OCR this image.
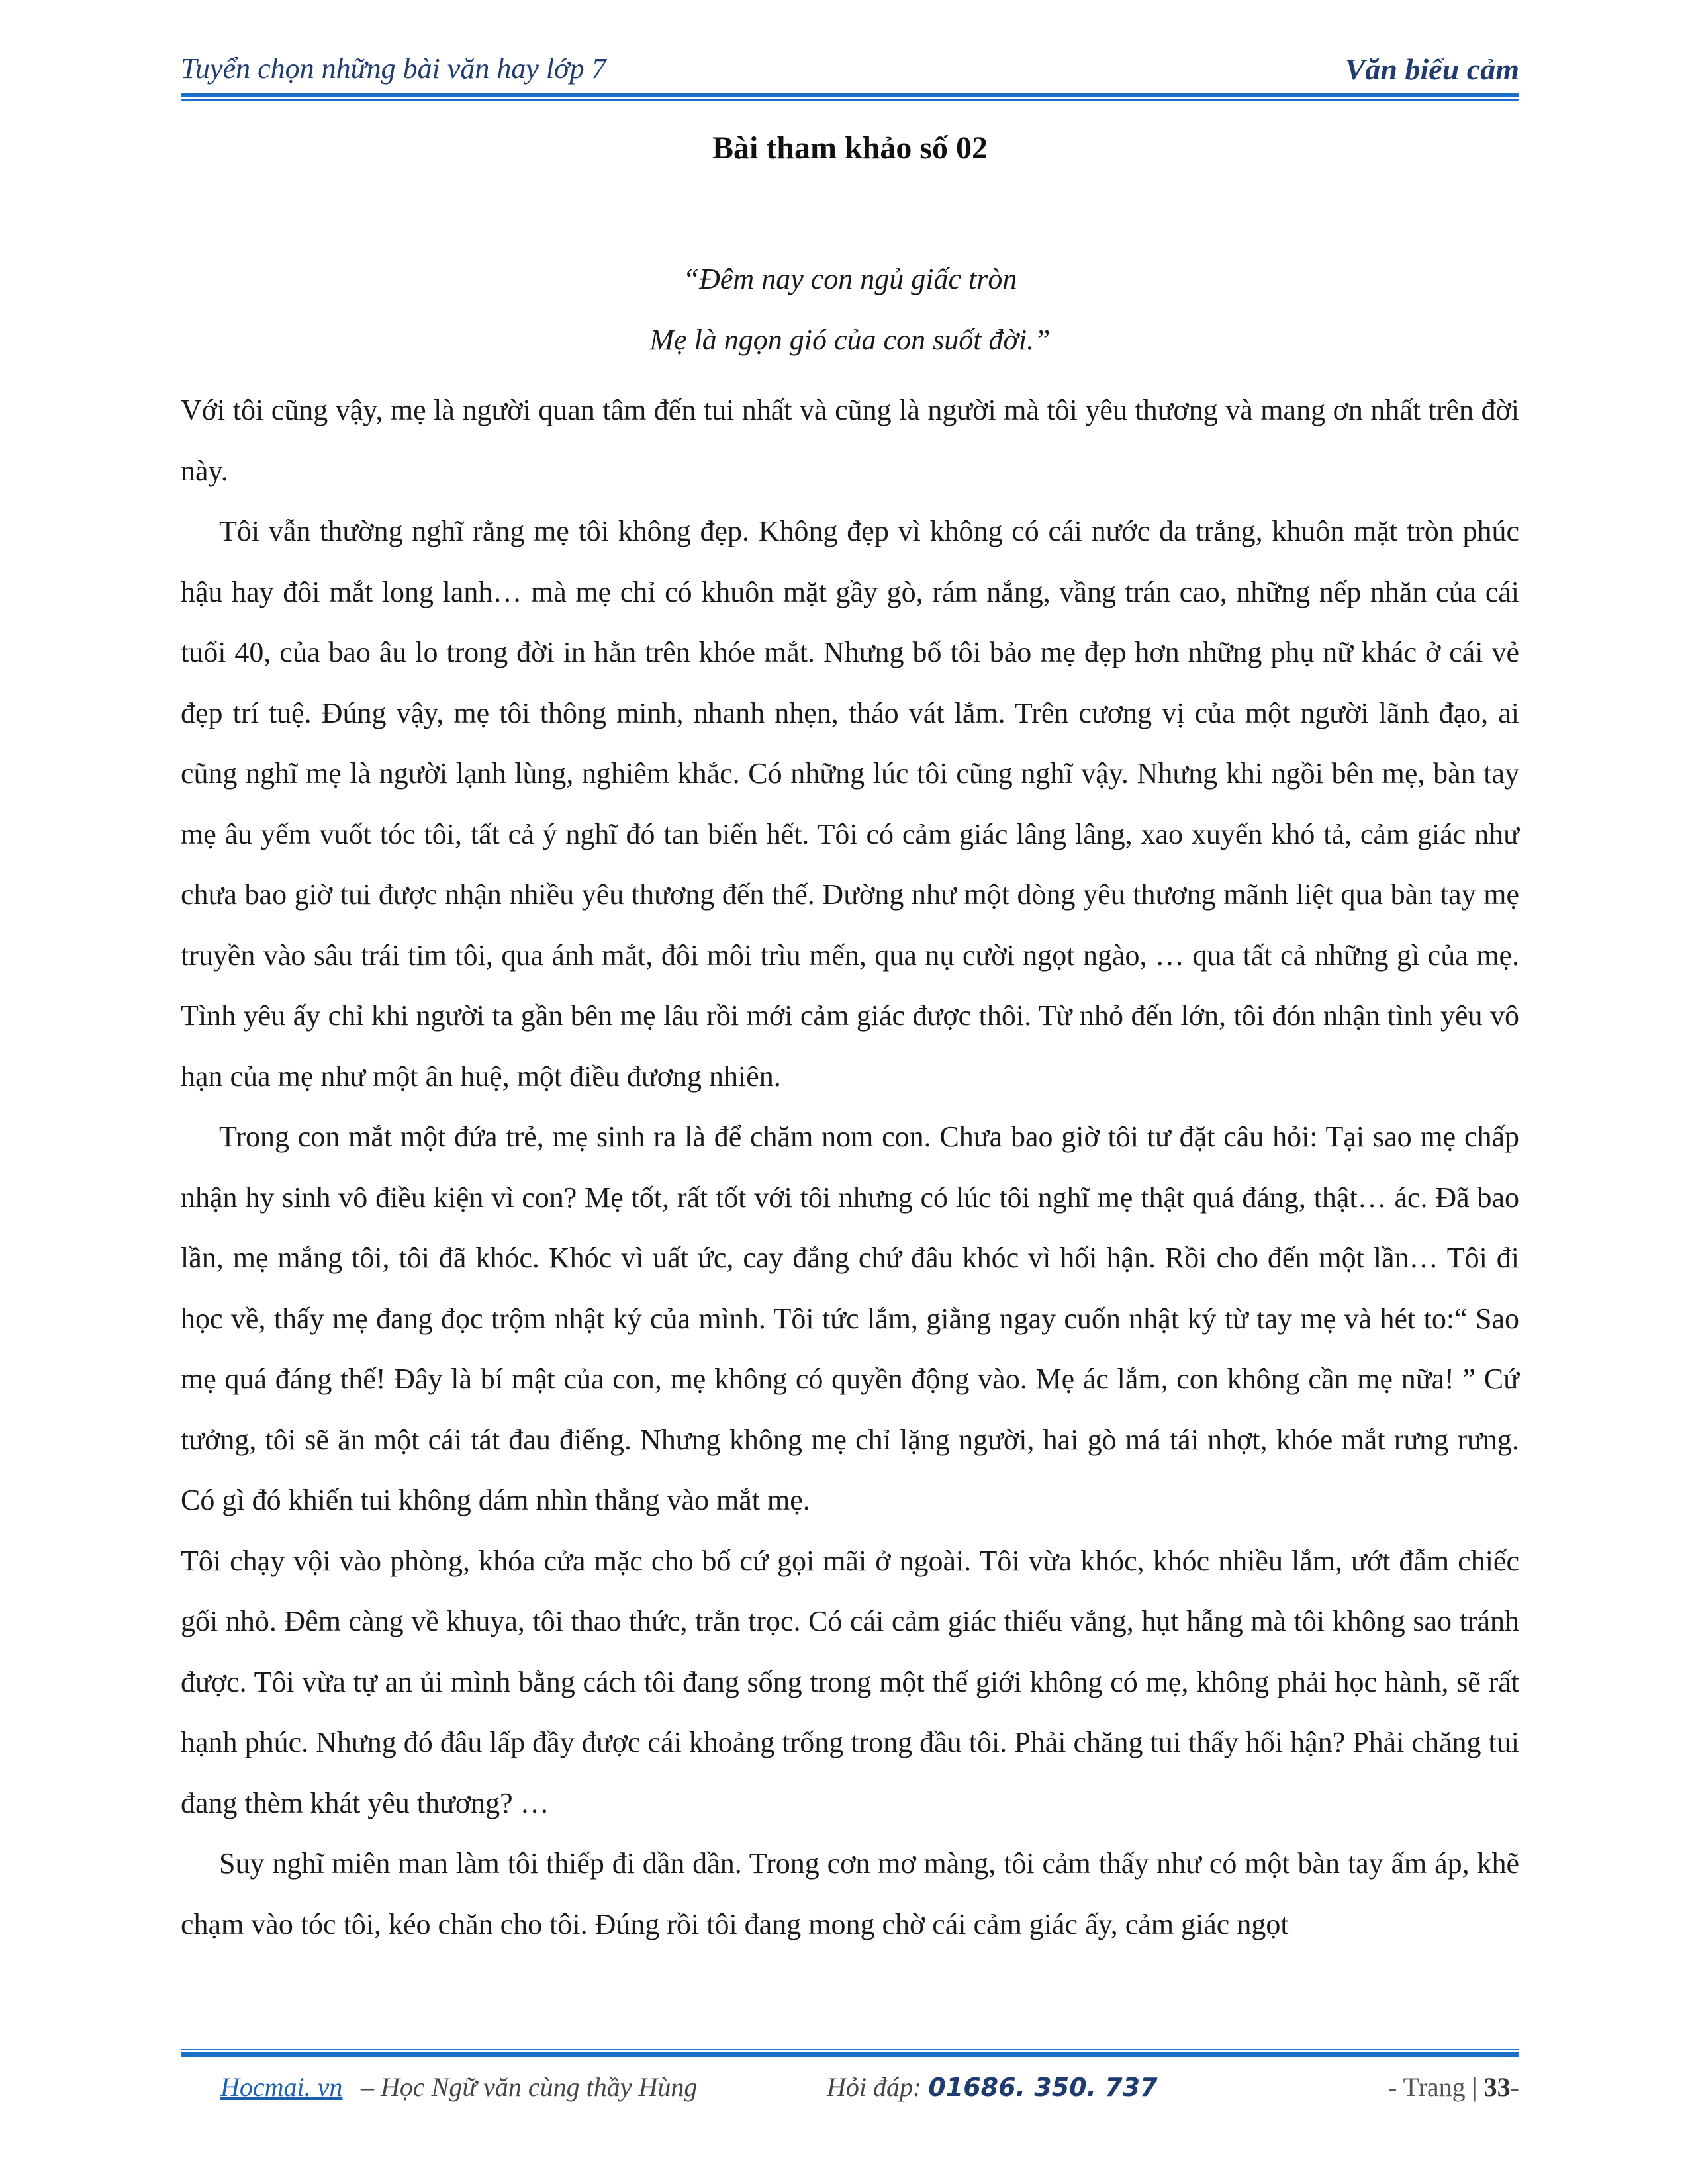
Tuyển chọn những bài văn hay lớp 7	Văn biểu cảm
Bài tham khảo số 02
“Đêm nay con ngủ giấc tròn
Mẹ là ngọn gió của con suốt đời.”

Với tôi cũng vậy, mẹ là người quan tâm đến tui nhất và cũng là người mà tôi yêu thương và mang ơn nhất trên đời này.

Tôi vẫn thường nghĩ rằng mẹ tôi không đẹp. Không đẹp vì không có cái nước da trắng, khuôn mặt tròn phúc hậu hay đôi mắt long lanh… mà mẹ chỉ có khuôn mặt gầy gò, rám nắng, vầng trán cao, những nếp nhăn của cái tuổi 40, của bao âu lo trong đời in hằn trên khóe mắt. Nhưng bố tôi bảo mẹ đẹp hơn những phụ nữ khác ở cái vẻ đẹp trí tuệ. Đúng vậy, mẹ tôi thông minh, nhanh nhẹn, tháo vát lắm. Trên cương vị của một người lãnh đạo, ai cũng nghĩ mẹ là người lạnh lùng, nghiêm khắc. Có những lúc tôi cũng nghĩ vậy. Nhưng khi ngồi bên mẹ, bàn tay mẹ âu yếm vuốt tóc tôi, tất cả ý nghĩ đó tan biến hết. Tôi có cảm giác lâng lâng, xao xuyến khó tả, cảm giác như chưa bao giờ tui được nhận nhiều yêu thương đến thế. Dường như một dòng yêu thương mãnh liệt qua bàn tay mẹ truyền vào sâu trái tim tôi, qua ánh mắt, đôi môi trìu mến, qua nụ cười ngọt ngào, … qua tất cả những gì của mẹ. Tình yêu ấy chỉ khi người ta gần bên mẹ lâu rồi mới cảm giác được thôi. Từ nhỏ đến lớn, tôi đón nhận tình yêu vô hạn của mẹ như một ân huệ, một điều đương nhiên.

Trong con mắt một đứa trẻ, mẹ sinh ra là để chăm nom con. Chưa bao giờ tôi tư đặt câu hỏi: Tại sao mẹ chấp nhận hy sinh vô điều kiện vì con? Mẹ tốt, rất tốt với tôi nhưng có lúc tôi nghĩ mẹ thật quá đáng, thật… ác. Đã bao lần, mẹ mắng tôi, tôi đã khóc. Khóc vì uất ức, cay đắng chứ đâu khóc vì hối hận. Rồi cho đến một lần… Tôi đi học về, thấy mẹ đang đọc trộm nhật ký của mình. Tôi tức lắm, giằng ngay cuốn nhật ký từ tay mẹ và hét to:“ Sao mẹ quá đáng thế! Đây là bí mật của con, mẹ không có quyền động vào. Mẹ ác lắm, con không cần mẹ nữa! ” Cứ tưởng, tôi sẽ ăn một cái tát đau điếng. Nhưng không mẹ chỉ lặng người, hai gò má tái nhợt, khóe mắt rưng rưng. Có gì đó khiến tui không dám nhìn thẳng vào mắt mẹ.

Tôi chạy vội vào phòng, khóa cửa mặc cho bố cứ gọi mãi ở ngoài. Tôi vừa khóc, khóc nhiều lắm, ướt đẫm chiếc gối nhỏ. Đêm càng về khuya, tôi thao thức, trằn trọc. Có cái cảm giác thiếu vắng, hụt hẫng mà tôi không sao tránh được. Tôi vừa tự an ủi mình bằng cách tôi đang sống trong một thế giới không có mẹ, không phải học hành, sẽ rất hạnh phúc. Nhưng đó đâu lấp đầy được cái khoảng trống trong đầu tôi. Phải chăng tui thấy hối hận? Phải chăng tui đang thèm khát yêu thương? …

Suy nghĩ miên man làm tôi thiếp đi dần dần. Trong cơn mơ màng, tôi cảm thấy như có một bàn tay ấm áp, khẽ chạm vào tóc tôi, kéo chăn cho tôi. Đúng rồi tôi đang mong chờ cái cảm giác ấy, cảm giác ngọt

Hocmai. vn – Học Ngữ văn cùng thầy Hùng	Hỏi đáp: 01686. 350. 737	- Trang | 33-
